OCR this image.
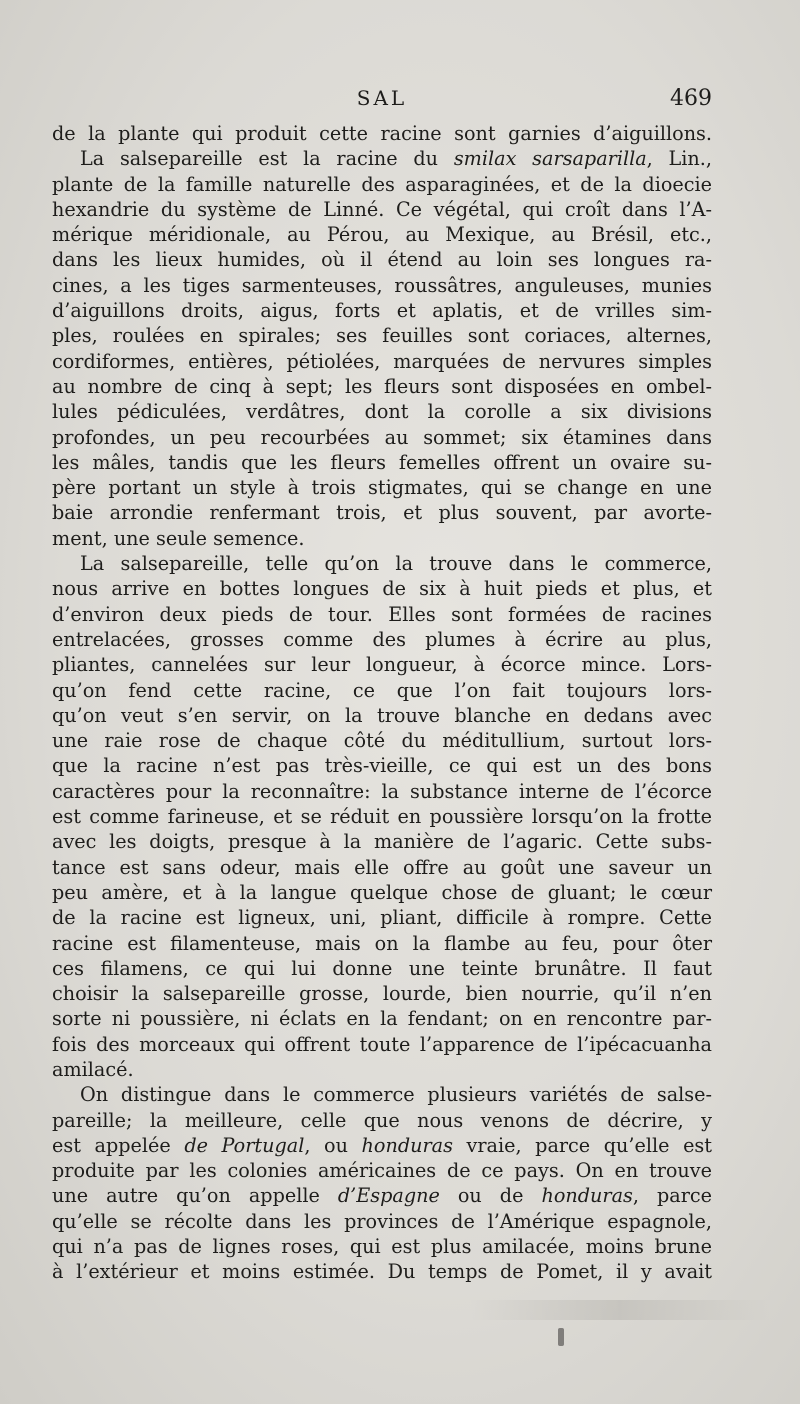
SAL	469
de la plante qui produit cette racine sont garnies d’aiguillons.
La salsepareille est la racine du smilax sarsaparilla, Lin.,
plante de la famille naturelle des asparaginées, et de la dioecie
hexandrie du système de Linné. Ce végétal, qui croît dans l’A-
mérique méridionale, au Pérou, au Mexique, au Brésil, etc.,
dans les lieux humides, où il étend au loin ses longues ra-
cines, a les tiges sarmenteuses, roussâtres, anguleuses, munies
d’aiguillons droits, aigus, forts et aplatis, et de vrilles sim-
ples, roulées en spirales; ses feuilles sont coriaces, alternes,
cordiformes, entières, pétiolées, marquées de nervures simples
au nombre de cinq à sept; les fleurs sont disposées en ombel-
lules pédiculées, verdâtres, dont la corolle a six divisions
profondes, un peu recourbées au sommet; six étamines dans
les mâles, tandis que les fleurs femelles offrent un ovaire su-
père portant un style à trois stigmates, qui se change en une
baie arrondie renfermant trois, et plus souvent, par avorte-
ment, une seule semence.
La salsepareille, telle qu’on la trouve dans le commerce,
nous arrive en bottes longues de six à huit pieds et plus, et
d’environ deux pieds de tour. Elles sont formées de racines
entrelacées, grosses comme des plumes à écrire au plus,
pliantes, cannelées sur leur longueur, à écorce mince. Lors-
qu’on fend cette racine, ce que l’on fait toujours lors-
qu’on veut s’en servir, on la trouve blanche en dedans avec
une raie rose de chaque côté du méditullium, surtout lors-
que la racine n’est pas très-vieille, ce qui est un des bons
caractères pour la reconnaître: la substance interne de l’écorce
est comme farineuse, et se réduit en poussière lorsqu’on la frotte
avec les doigts, presque à la manière de l’agaric. Cette subs-
tance est sans odeur, mais elle offre au goût une saveur un
peu amère, et à la langue quelque chose de gluant; le cœur
de la racine est ligneux, uni, pliant, difficile à rompre. Cette
racine est filamenteuse, mais on la flambe au feu, pour ôter
ces filamens, ce qui lui donne une teinte brunâtre. Il faut
choisir la salsepareille grosse, lourde, bien nourrie, qu’il n’en
sorte ni poussière, ni éclats en la fendant; on en rencontre par-
fois des morceaux qui offrent toute l’apparence de l’ipécacuanha
amilacé.
On distingue dans le commerce plusieurs variétés de salse-
pareille; la meilleure, celle que nous venons de décrire, y
est appelée de Portugal, ou honduras vraie, parce qu’elle est
produite par les colonies américaines de ce pays. On en trouve
une autre qu’on appelle d’Espagne ou de honduras, parce
qu’elle se récolte dans les provinces de l’Amérique espagnole,
qui n’a pas de lignes roses, qui est plus amilacée, moins brune
à l’extérieur et moins estimée. Du temps de Pomet, il y avait
